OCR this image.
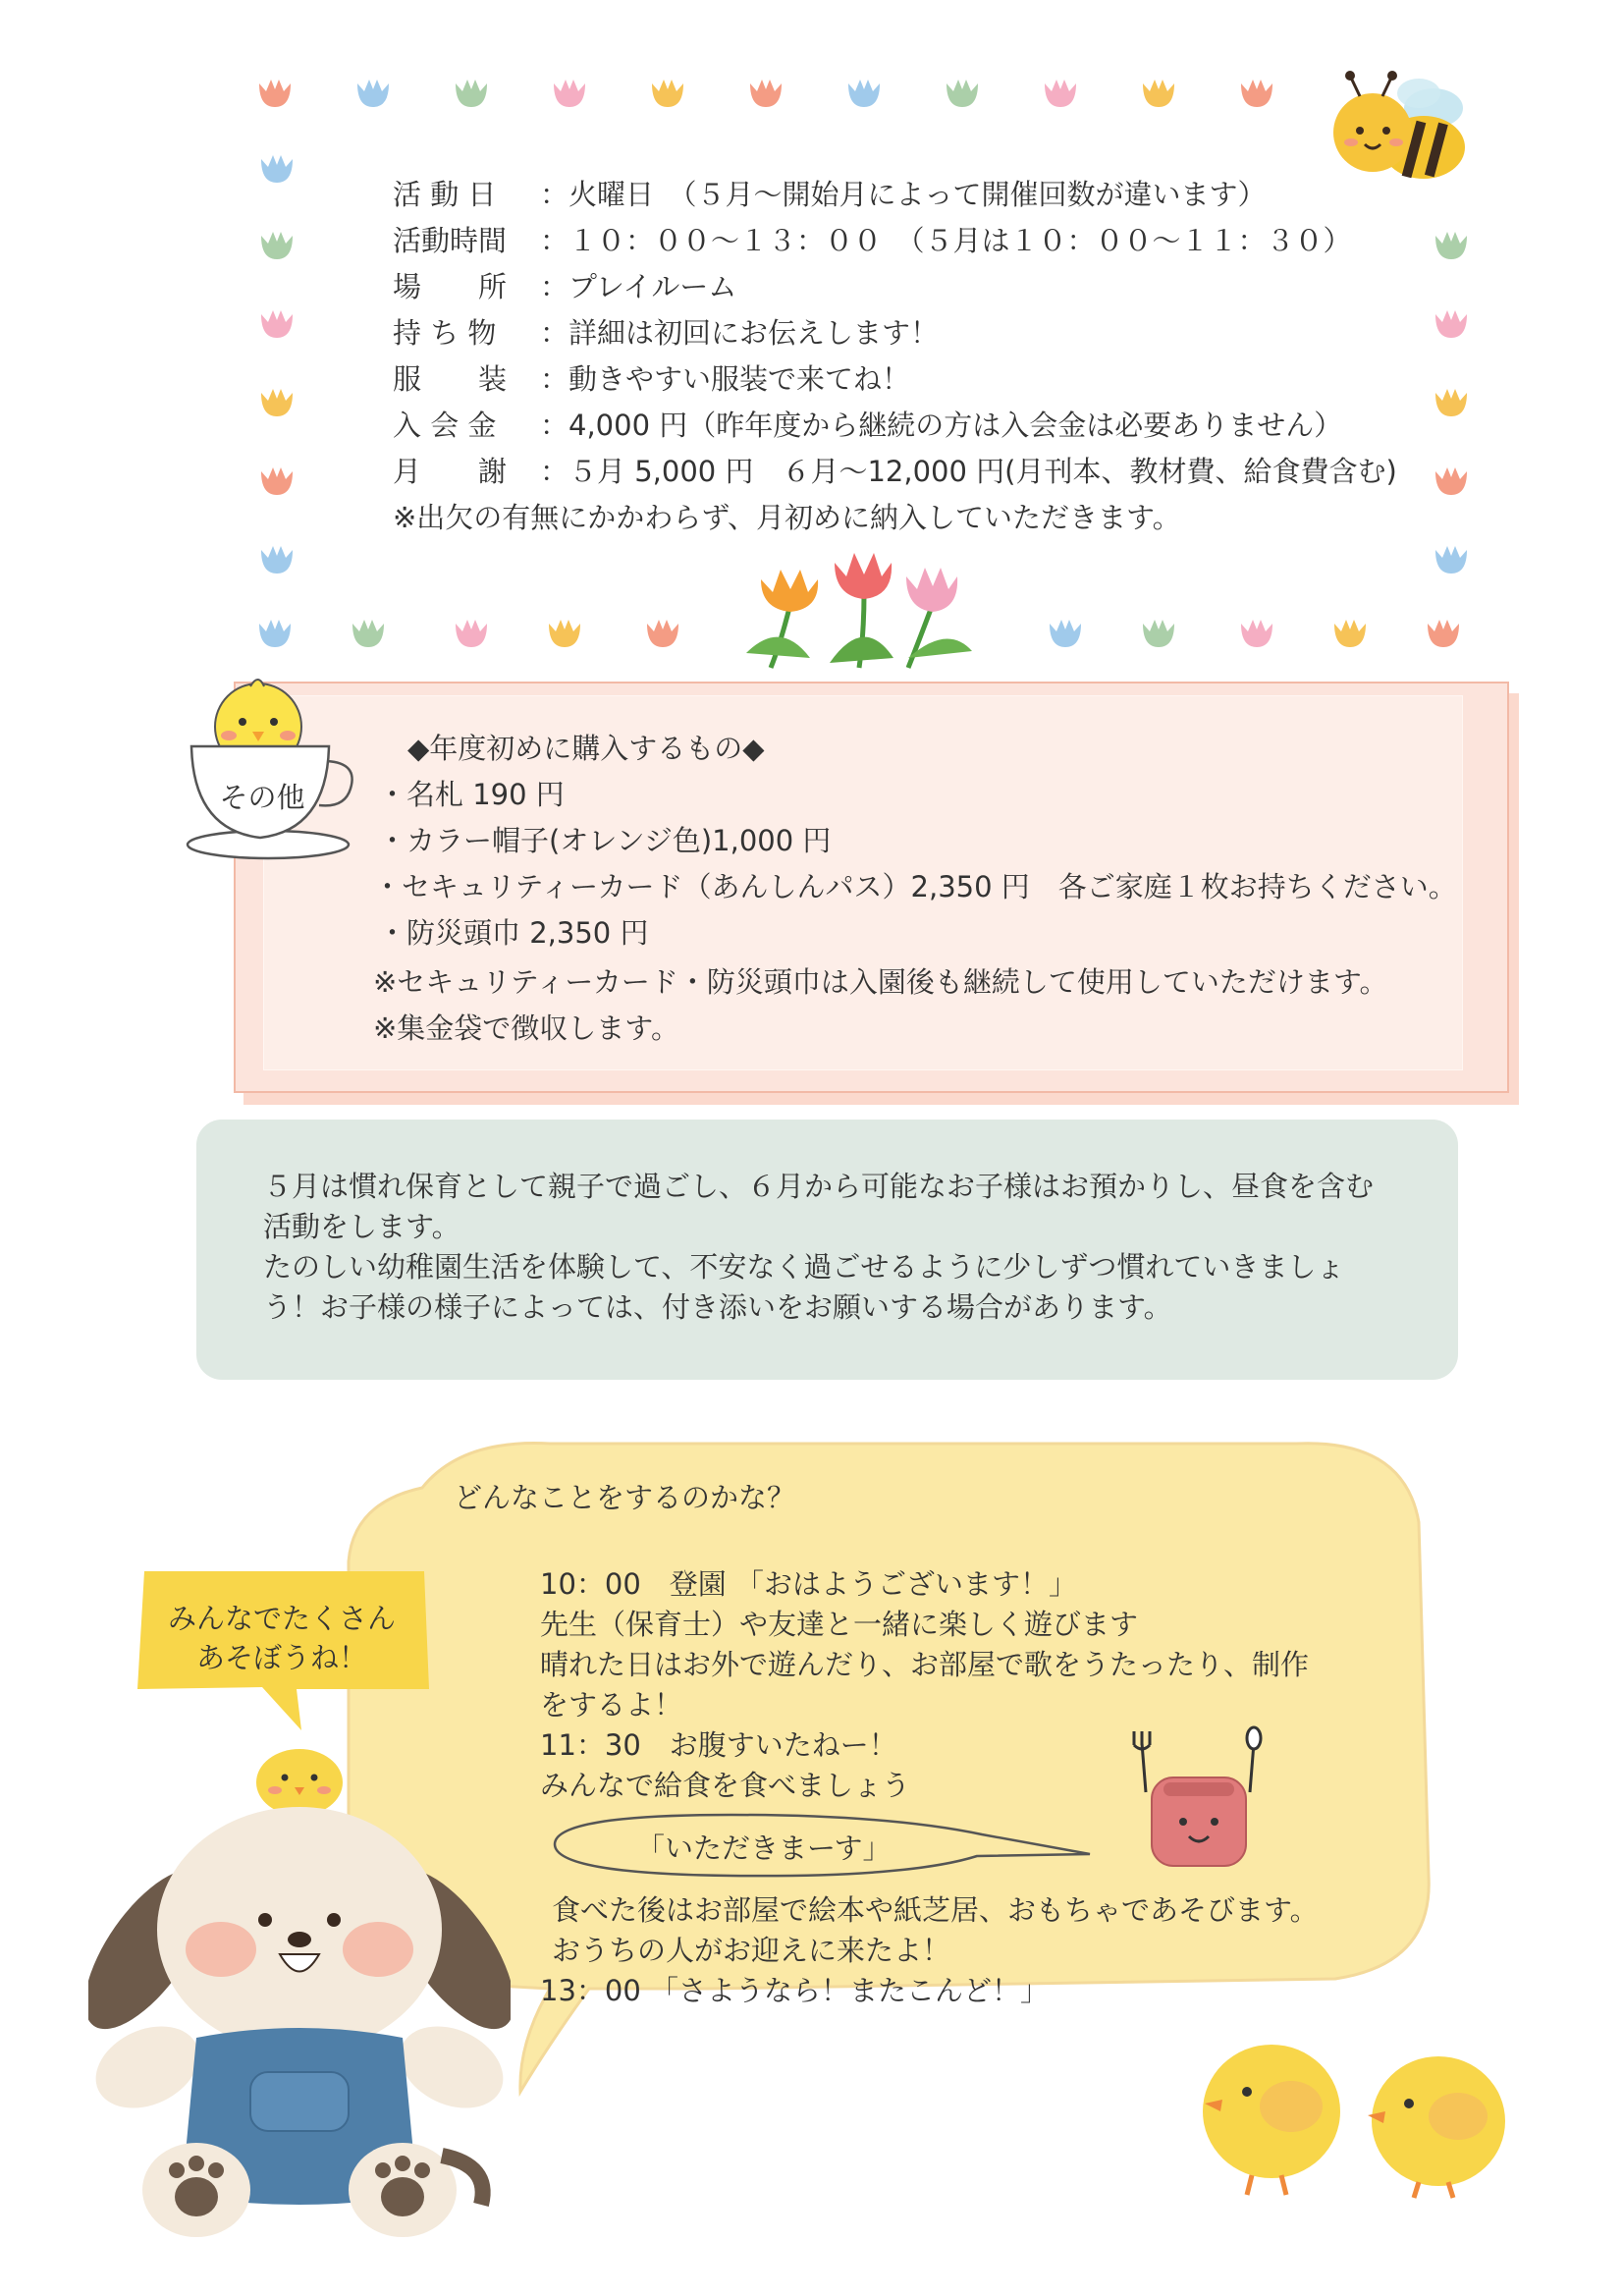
活 動 日 ：火曜日　（５月～開始月によって開催回数が違います）
活動時間 ：１０：００～１３：００　（５月は１０：００～１１：３０）
場　　所 ：プレイルーム
持 ち 物 ：詳細は初回にお伝えします！
服　　装 ：動きやすい服装で来てね！
入 会 金 ：4,000 円（昨年度から継続の方は入会金は必要ありません）
月　　謝 ：５月 5,000 円　６月～12,000 円(月刊本、教材費、給食費含む)
※出欠の有無にかかわらず、月初めに納入していただきます。
その他
◆年度初めに購入するもの◆
・名札 190 円
・カラー帽子(オレンジ色)1,000 円
・セキュリティーカード（あんしんパス）2,350 円　各ご家庭１枚お持ちください。
・防災頭巾 2,350 円
※セキュリティーカード・防災頭巾は入園後も継続して使用していただけます。
※集金袋で徴収します。
５月は慣れ保育として親子で過ごし、６月から可能なお子様はお預かりし、昼食を含む
活動をします。
たのしい幼稚園生活を体験して、不安なく過ごせるように少しずつ慣れていきましょ
う！お子様の様子によっては、付き添いをお願いする場合があります。
どんなことをするのかな？
10：00　登園 「おはようございます！」
先生（保育士）や友達と一緒に楽しく遊びます
晴れた日はお外で遊んだり、お部屋で歌をうたったり、制作
をするよ！
11：30　お腹すいたねー！
みんなで給食を食べましょう
「いただきまーす」
食べた後はお部屋で絵本や紙芝居、おもちゃであそびます。
おうちの人がお迎えに来たよ！
13：00 「さようなら！またこんど！」
みんなでたくさん
あそぼうね！
